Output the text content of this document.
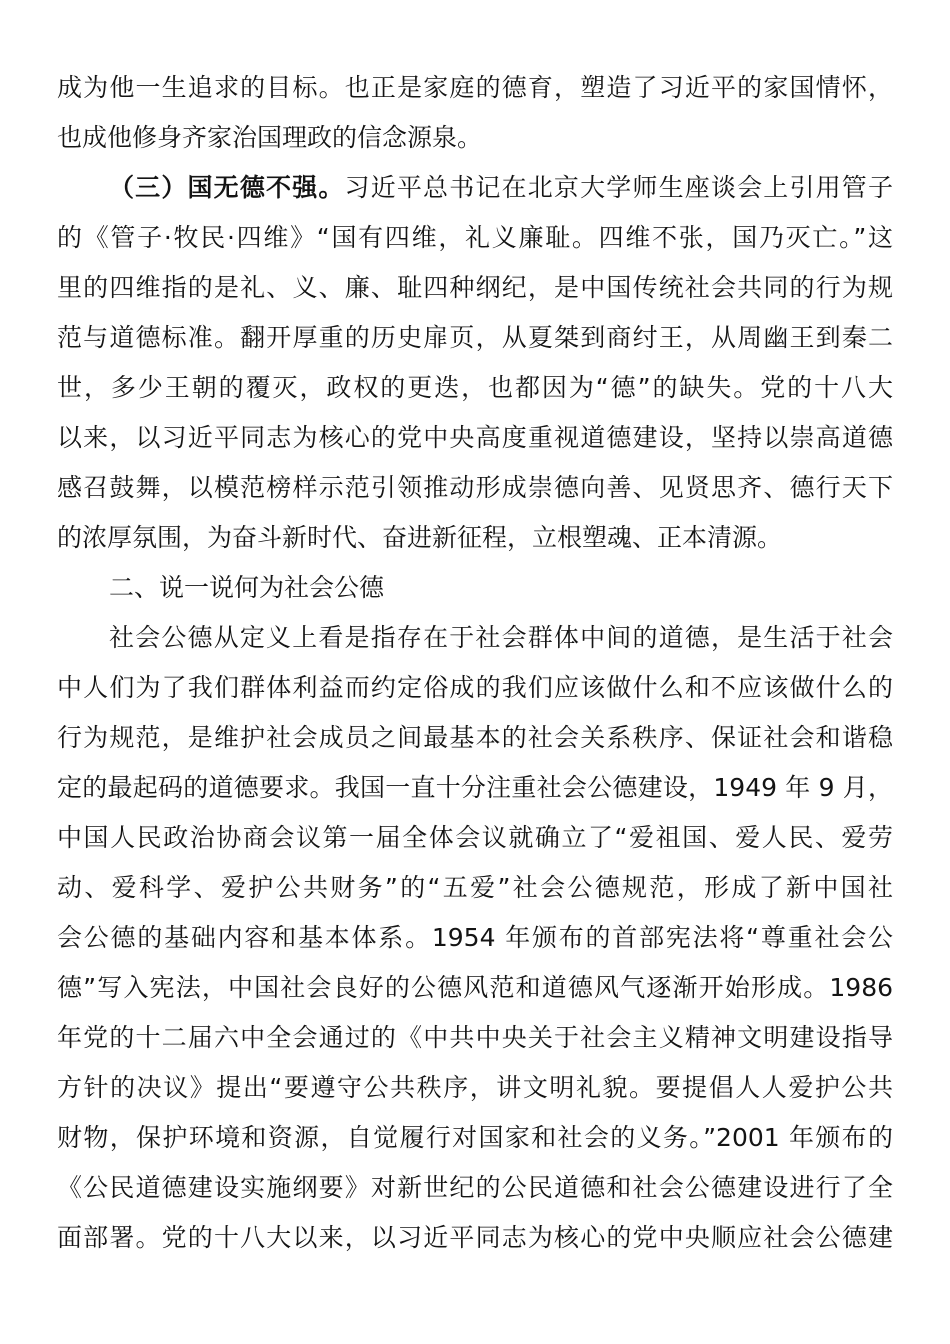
成为他一生追求的目标。也正是家庭的德育，塑造了习近平的家国情怀，
也成他修身齐家治国理政的信念源泉。
（三）国无德不强。习近平总书记在北京大学师生座谈会上引用管子
的《管子·牧民·四维》“国有四维，礼义廉耻。四维不张，国乃灭亡。”这
里的四维指的是礼、义、廉、耻四种纲纪，是中国传统社会共同的行为规
范与道德标准。翻开厚重的历史扉页，从夏桀到商纣王，从周幽王到秦二
世，多少王朝的覆灭，政权的更迭，也都因为“德”的缺失。党的十八大
以来，以习近平同志为核心的党中央高度重视道德建设，坚持以崇高道德
感召鼓舞，以模范榜样示范引领推动形成崇德向善、见贤思齐、德行天下
的浓厚氛围，为奋斗新时代、奋进新征程，立根塑魂、正本清源。
二、说一说何为社会公德
社会公德从定义上看是指存在于社会群体中间的道德，是生活于社会
中人们为了我们群体利益而约定俗成的我们应该做什么和不应该做什么的
行为规范，是维护社会成员之间最基本的社会关系秩序、保证社会和谐稳
定的最起码的道德要求。我国一直十分注重社会公德建设，1949 年 9 月，
中国人民政治协商会议第一届全体会议就确立了“爱祖国、爱人民、爱劳
动、爱科学、爱护公共财务”的“五爱”社会公德规范，形成了新中国社
会公德的基础内容和基本体系。1954 年颁布的首部宪法将“尊重社会公
德”写入宪法，中国社会良好的公德风范和道德风气逐渐开始形成。1986
年党的十二届六中全会通过的《中共中央关于社会主义精神文明建设指导
方针的决议》提出“要遵守公共秩序，讲文明礼貌。要提倡人人爱护公共
财物，保护环境和资源，自觉履行对国家和社会的义务。”2001 年颁布的
《公民道德建设实施纲要》对新世纪的公民道德和社会公德建设进行了全
面部署。党的十八大以来，以习近平同志为核心的党中央顺应社会公德建
